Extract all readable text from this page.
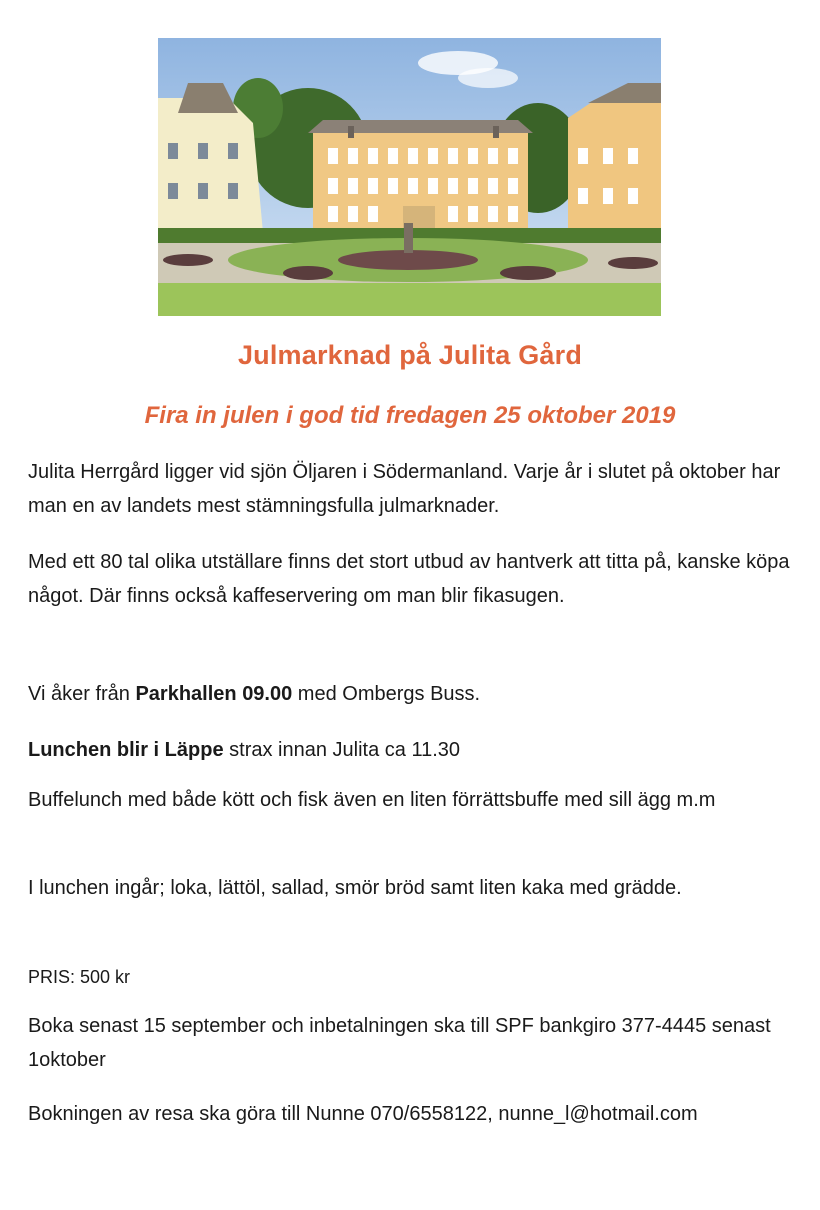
Julmarknad på Julita Gård
Fira in julen i god tid fredagen 25 oktober 2019

Julita Herrgård ligger vid sjön Öljaren i Södermanland. Varje år i slutet på oktober har man en av landets mest stämningsfulla julmarknader.

Med ett 80 tal olika utställare finns det stort utbud av hantverk att titta på, kanske köpa något. Där finns också kaffeservering om man blir fikasugen.

Vi åker från Parkhallen 09.00 med Ombergs Buss.

Lunchen blir i Läppe strax innan Julita ca 11.30

Buffelunch med både kött och fisk även en liten förrättsbuffe med sill ägg m.m

I lunchen ingår; loka, lättöl, sallad, smör bröd samt liten kaka med grädde.

PRIS: 500 kr

Boka senast 15 september och inbetalningen ska till SPF bankgiro 377-4445 senast 1oktober

Bokningen av resa ska göra till Nunne 070/6558122, nunne_l@hotmail.com
